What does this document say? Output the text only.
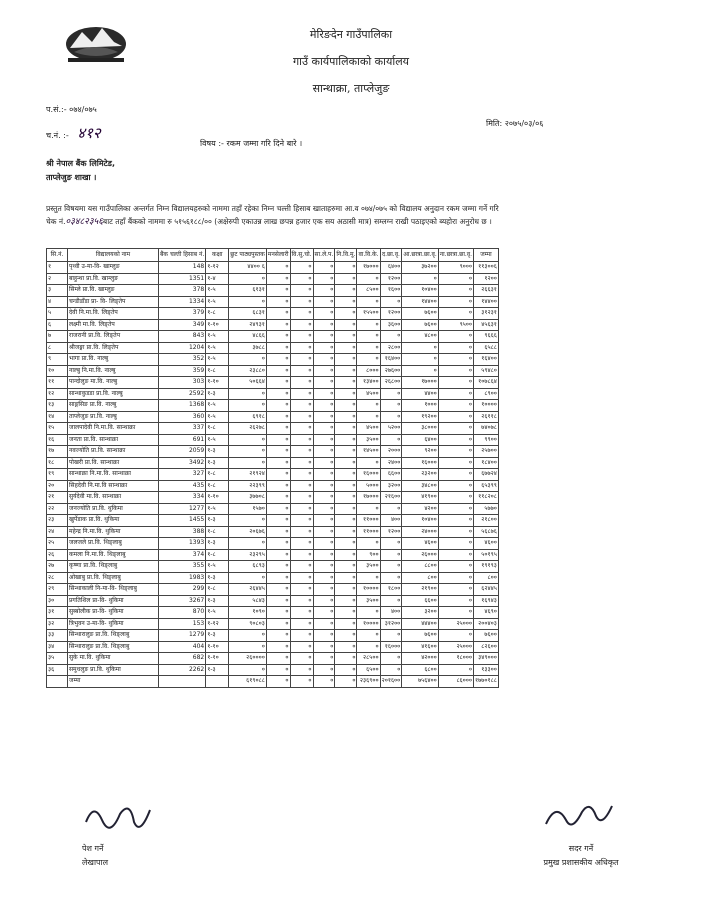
मेरिङदेन गाउँपालिका
गाउँ कार्यपालिकाको कार्यालय
सान्थाक्रा, ताप्लेजुङ
प.सं.:- ०७४/०७५
च.नं. :- ४१२
मिति: २०७५/०३/०६
विषय :- रकम जम्मा गरि दिने बारे ।
श्री नेपाल बैंक लिमिटेड,
ताप्लेजुङ शाखा ।
प्रस्तुत विषयमा यस गाउँपालिका अन्तर्गत निम्न विद्यालयहरुको नाममा तहाँ रहेका निम्न चल्ती हिसाब खाताहरुमा आ.व ०७४/०७५ को विद्यालय अनुदान रकम जम्मा गर्ने गरि
चेक नं.०३४८२३५६बाट तहाँ बैंकको नाममा रु ५१५६१८८/०० (अक्षेरुपी एकाउन्न लाख छपन्न हजार एक सय अठासी मात्र) सम्लग्न राखी पठाइएको ब्यहोरा अनुरोध छ ।
सि.नं.	विद्यालयको नाम	बैंक चल्ती हिसाब नं.	कक्षा	छुट पाठ्यपुस्तक	मनसेलारी	वि.सु.चो.	सा.ले.प.	नि.वि.मू.	वा.वि.के.	द.छा.वृ.	आ.छात्रा.छा.वृ.	ना.छात्रा.छा.वृ.	जम्मा
१	पृथ्वी उ-मा-वि- खाम्लुङ	148	१-१२	४४०० ६	०	०	०	०	१७०००	६४००	३७२००	९०००	११३००६
२	बाहुन्था प्रा.वि. खाम्लुङ	1351	१-४	०	०	०	०	०	०	१२००	०	०	१२००
३	सिम्ले प्रा.वि. खाम्लुङ	378	१-५	६१३१	०	०	०	०	८५००	१६००	१०४००	०	२६६३१
४	चन्डीडाँडा प्रा- वि- लिङ्तेप	1334	१-५	०	०	०	०	०	०	०	१४४००	०	१४४००
५	देवी नि.मा.वि. लिङ्तेप	379	१-८	६८३१	०	०	०	०	१५५००	१२००	७६००	०	३१२३१
६	लक्ष्मी मा.वि. लिङ्तेप	349	१-१०	२४९३१	०	०	०	०	०	३६००	७६००	९५००	४५६३१
७	राजरानी प्रा.वि. लिङ्तेप	843	१-५	४८६६	०	०	०	०	०	०	४८००	०	९६६६
८	श्रीजङ्गा प्रा.वि. लिङ्तेप	1204	१-५	३७८८	०	०	०	०	०	२८००	०	०	६५८८
९	भागा प्रा.वि. नाल्बु	352	१-५	०	०	०	०	०	०	१६४००	०	०	१६४००
१०	नाल्बु नि.मा.वि. नाल्बु	359	१-८	२३८८०	०	०	०	०	८०००	२७६००	०	०	५९४८०
११	पान्दोलुङ मा.वि. नाल्बु	303	१-१०	५०६६४	०	०	०	०	१३४००	२६८००	१७०००	०	१०७८६४
१२	सान्थाकुडडा प्रा.वि. नाल्बु	2592	१-३	०	०	०	०	०	४५००	०	४४००	०	८९००
१३	साङ्गसिङ प्रा.वि. नाल्बु	1368	१-५	०	०	०	०	०	०	०	१०००	०	१००००
१४	ताप्लेजुङ प्रा.वि. नाल्बु	360	१-५	६९१८	०	०	०	०	०	०	१९२००	०	२६११८
१५	जालपादेवी नि.मा.वि. सान्थाक्रा	337	१-८	२६२७८	०	०	०	०	४५००	५२००	३८०००	०	७४०७८
१६	जनता प्रा.वि. सान्थाक्रा	691	१-५	०	०	०	०	०	३५००	०	६४००	०	९९००
१७	नवज्योति प्रा.वि. सान्थाक्रा	2059	१-३	०	०	०	०	०	१४५००	२०००	९२००	०	२५७००
१८	पोखरी प्रा.वि. सान्थाक्रा	3492	१-३	०	०	०	०	०	०	२४००	१६०००	०	१८४००
१९	सान्थाक्रा नि.मा.वि. सान्थाक्रा	327	१-८	२१९२४	०	०	०	०	१६०००	६६००	२३२००	०	६७७२४
२०	सिहदेवी नि.मा.वि सान्थाक्रा	435	१-८	२२३९९	०	०	०	०	५०००	३२००	३४८००	०	६५३९९
२१	सुर्यदेवी मा.वि. सान्थाक्रा	334	१-१०	३७७०८	०	०	०	०	१७०००	२१६००	४१९००	०	११८२०८
२२	जनज्योति प्रा.वि. थुकिमा	1277	१-५	१५७०	०	०	०	०	०	०	४२००	०	५७७०
२३	खुर्पेडाक प्रा.वि. थुकिमा	1455	१-३	०	०	०	०	०	११०००	४००	१०४००	०	२१८००
२४	महेन्द्र नि.मा.वि. थुकिमा	388	१-८	२०६७६	०	०	०	०	११०००	१२००	२४०००	०	५६८७६
२५	जलजले प्रा.वि. थिङ्लाबु	1393	१-३	०	०	०	०	०	०	०	४६००	०	४६००
२६	कमला नि.मा.वि. थिङ्लाबु	374	१-८	२३२९५	०	०	०	०	९००	०	२६०००	०	५०१९५
२७	कृष्णा प्रा.वि. थिङ्लाबु	355	१-५	६८९३	०	०	०	०	३५००	०	८८००	०	१९१९३
२८	ओखाबु प्रा.वि. थिङ्लाबु	1983	१-३	०	०	०	०	०	०	०	८००	०	८००
२९	सिन्थाकाली नि-मा-वि- थिङ्लाबु	299	१-८	२६४४५	०	०	०	०	१००००	१८००	२१९००	०	६२४४५
३०	प्रगतिशिल प्रा-वि- थुकिमा	3267	१-३	५८४३	०	०	०	०	३५००	०	६६००	०	१६९४३
३१	सुब्बोलीक प्रा-वि- थुकिमा	870	१-५	१०९०	०	०	०	०	०	४००	३२००	०	४६९०
३२	त्रिभुवन उ-मा-वि- थुकिमा	153	१-१२	९०८०३	०	०	०	०	१००००	३१२००	४४४००	२५०००	२००४०३
३३	सिन्थारालुङ प्रा.वि. थिङ्लाबु	1279	१-३	०	०	०	०	०	०	०	७६००	०	७६००
३४	सिन्थारालुङ प्रा.वि. थिङ्लाबु	404	१-१०	०	०	०	०	०	०	१६०००	४१६००	२५०००	८२६००
३५	सुके मा.वि. थुकिमा	682	१-१०	२६००००	०	०	०	०	२८५००	०	४२०००	१८०००	३४९०००
३६	समुधलुङ प्रा.वि. थुकिमा	2262	१-३	०	०	०	०	०	६५००	०	६८००	०	१३३००
	जम्मा			६१९०८८	०	०	०	०	२३६९००	२०१६००	७५६४००	८६०००	१७७०१८८
पेश गर्ने
लेखापाल
सदर गर्ने
प्रमुख प्रशासकीय अधिकृत
